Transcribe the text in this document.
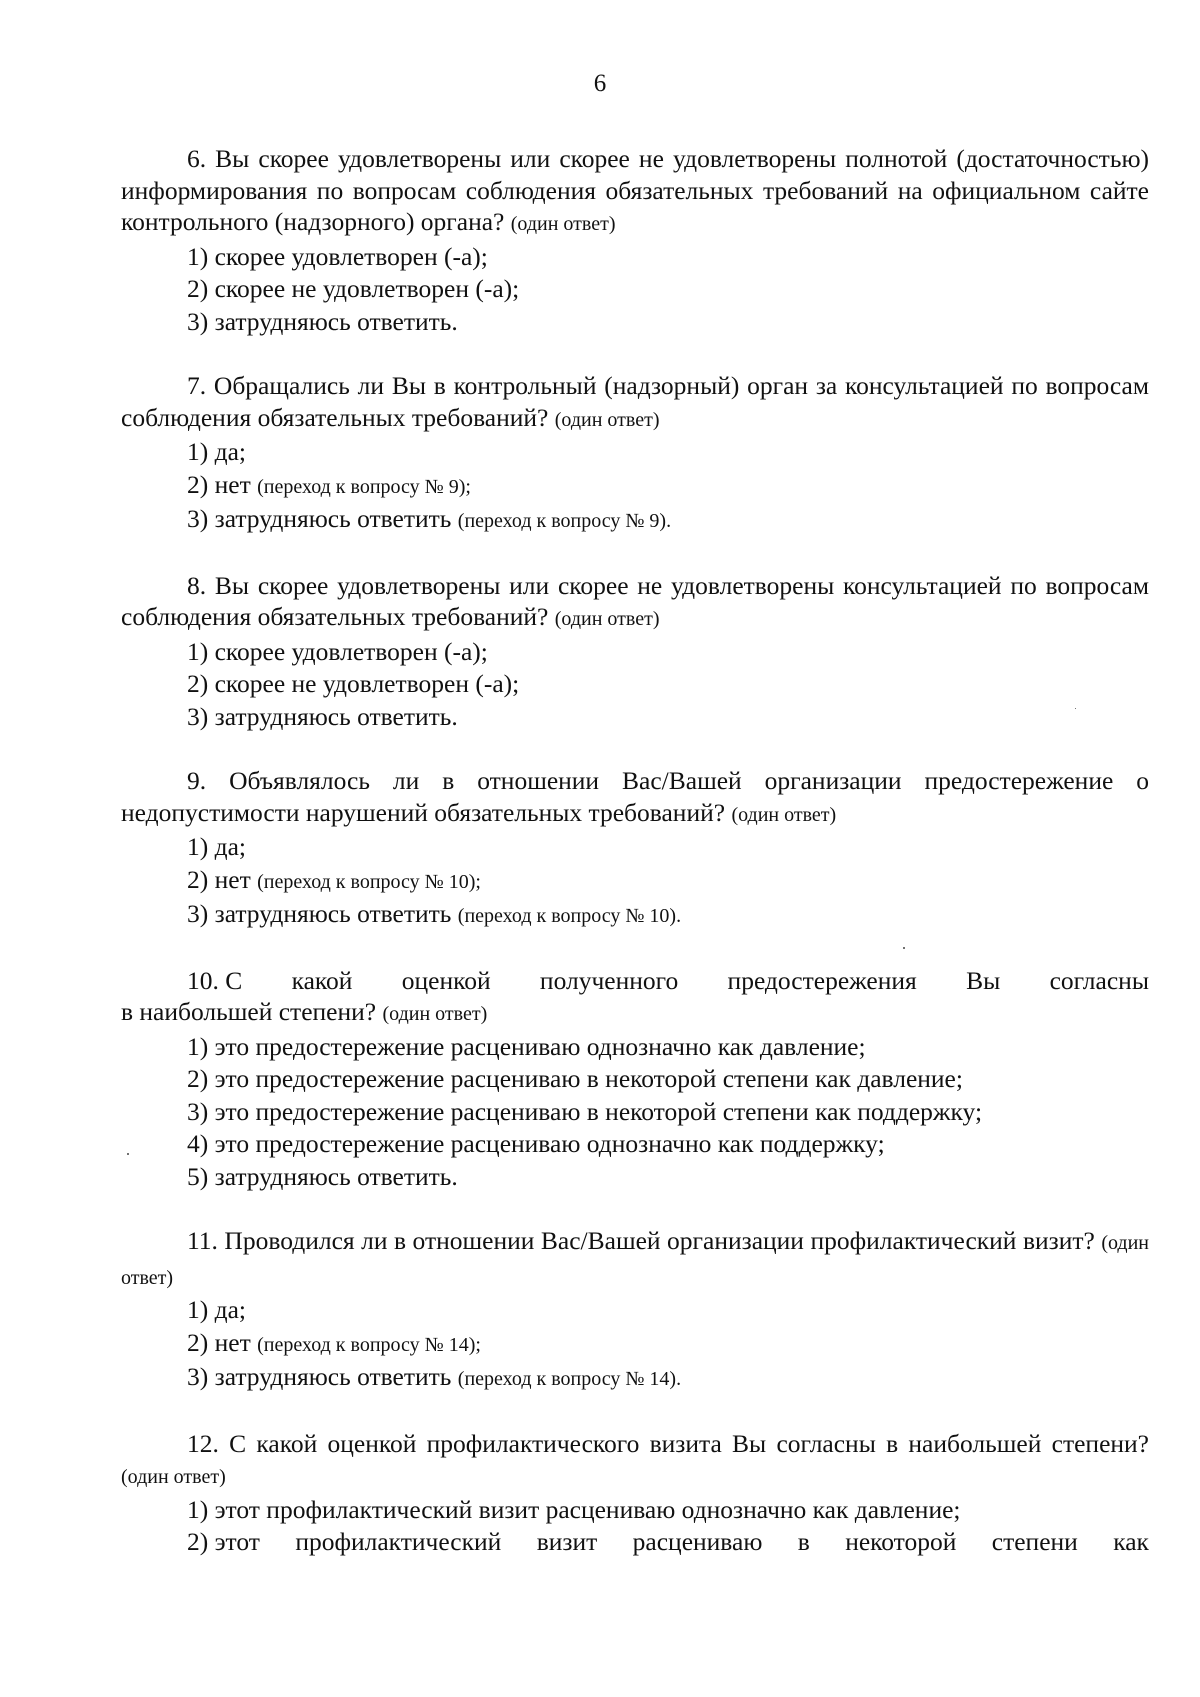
6

6. Вы скорее удовлетворены или скорее не удовлетворены полнотой (достаточностью) информирования по вопросам соблюдения обязательных требований на официальном сайте контрольного (надзорного) органа? (один ответ)

1) скорее удовлетворен (-а);

2) скорее не удовлетворен (-а);

3) затрудняюсь ответить.

7. Обращались ли Вы в контрольный (надзорный) орган за консультацией по вопросам соблюдения обязательных требований? (один ответ)

1) да;

2) нет (переход к вопросу № 9);

3) затрудняюсь ответить (переход к вопросу № 9).

8. Вы скорее удовлетворены или скорее не удовлетворены консультацией по вопросам соблюдения обязательных требований? (один ответ)

1) скорее удовлетворен (-а);

2) скорее не удовлетворен (-а);

3) затрудняюсь ответить.

9. Объявлялось ли в отношении Вас/Вашей организации предостережение о недопустимости нарушений обязательных требований? (один ответ)

1) да;

2) нет (переход к вопросу № 10);

3) затрудняюсь ответить (переход к вопросу № 10).

10. С какой оценкой полученного предостережения Вы согласны

в наибольшей степени? (один ответ)

1) это предостережение расцениваю однозначно как давление;

2) это предостережение расцениваю в некоторой степени как давление;

3) это предостережение расцениваю в некоторой степени как поддержку;

4) это предостережение расцениваю однозначно как поддержку;

5) затрудняюсь ответить.

11. Проводился ли в отношении Вас/Вашей организации профилактический визит? (один ответ)

1) да;

2) нет (переход к вопросу № 14);

3) затрудняюсь ответить (переход к вопросу № 14).

12. С какой оценкой профилактического визита Вы согласны в наибольшей степени? (один ответ)

1) этот профилактический визит расцениваю однозначно как давление;

2) этот профилактический визит расцениваю в некоторой степени как
